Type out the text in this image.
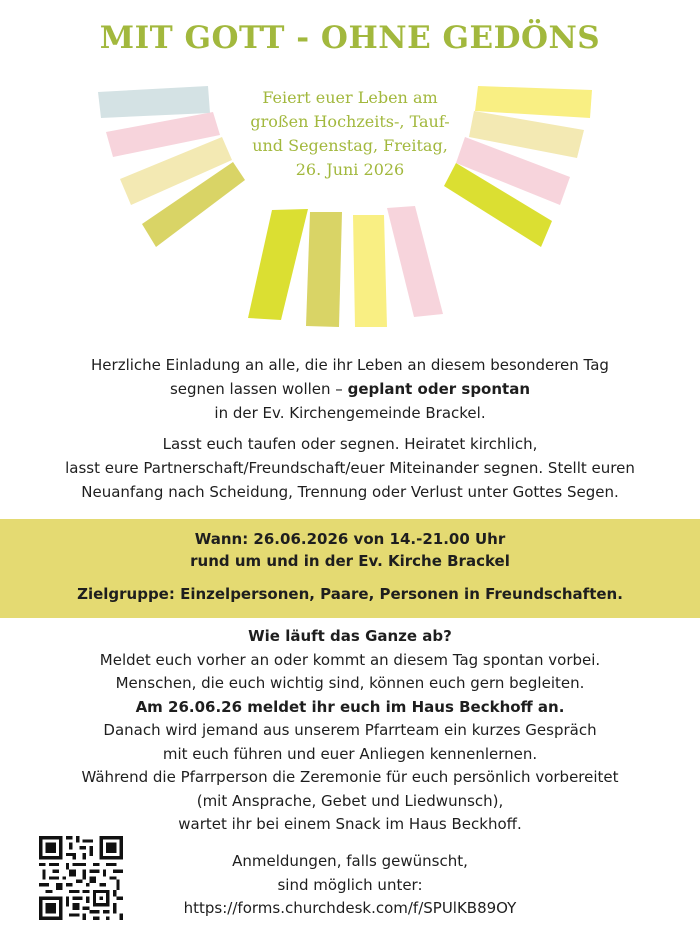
MIT GOTT - OHNE GEDÖNS
Feiert euer Leben am
großen Hochzeits-, Tauf-
und Segenstag, Freitag,
26. Juni 2026
Herzliche Einladung an alle, die ihr Leben an diesem besonderen Tag
segnen lassen wollen – geplant oder spontan
in der Ev. Kirchengemeinde Brackel.
Lasst euch taufen oder segnen. Heiratet kirchlich,
lasst eure Partnerschaft/Freundschaft/euer Miteinander segnen. Stellt euren
Neuanfang nach Scheidung, Trennung oder Verlust unter Gottes Segen.
Wann: 26.06.2026 von 14.-21.00 Uhr
rund um und in der Ev. Kirche Brackel
Zielgruppe: Einzelpersonen, Paare, Personen in Freundschaften.
Wie läuft das Ganze ab?
Meldet euch vorher an oder kommt an diesem Tag spontan vorbei.
Menschen, die euch wichtig sind, können euch gern begleiten.
Am 26.06.26 meldet ihr euch im Haus Beckhoff an.
Danach wird jemand aus unserem Pfarrteam ein kurzes Gespräch
mit euch führen und euer Anliegen kennenlernen.
Während die Pfarrperson die Zeremonie für euch persönlich vorbereitet
(mit Ansprache, Gebet und Liedwunsch),
wartet ihr bei einem Snack im Haus Beckhoff.
Anmeldungen, falls gewünscht,
sind möglich unter:
https://forms.churchdesk.com/f/SPUlKB89OY
